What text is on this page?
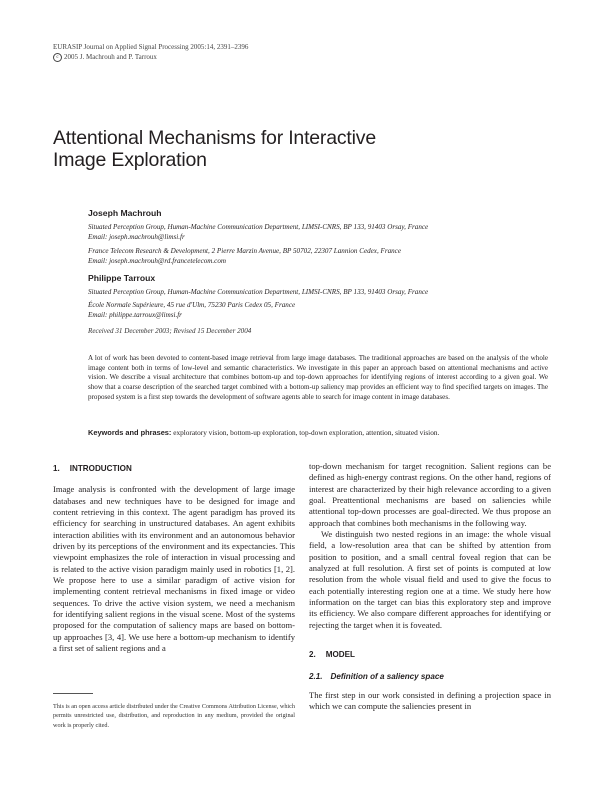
EURASIP Journal on Applied Signal Processing 2005:14, 2391–2396
c 2005 J. Machrouh and P. Tarroux
Attentional Mechanisms for Interactive
Image Exploration
Joseph Machrouh
Situated Perception Group, Human-Machine Communication Department, LIMSI-CNRS, BP 133, 91403 Orsay, France
Email: joseph.machrouh@limsi.fr
France Telecom Research & Development, 2 Pierre Marzin Avenue, BP 50702, 22307 Lannion Cedex, France
Email: joseph.machrouh@rd.francetelecom.com
Philippe Tarroux
Situated Perception Group, Human-Machine Communication Department, LIMSI-CNRS, BP 133, 91403 Orsay, France
École Normale Supérieure, 45 rue d'Ulm, 75230 Paris Cedex 05, France
Email: philippe.tarroux@limsi.fr
Received 31 December 2003; Revised 15 December 2004
A lot of work has been devoted to content-based image retrieval from large image databases. The traditional approaches are based on the analysis of the whole image content both in terms of low-level and semantic characteristics. We investigate in this paper an approach based on attentional mechanisms and active vision. We describe a visual architecture that combines bottom-up and top-down approaches for identifying regions of interest according to a given goal. We show that a coarse description of the searched target combined with a bottom-up saliency map provides an efficient way to find specified targets on images. The proposed system is a first step towards the development of software agents able to search for image content in image databases.
Keywords and phrases: exploratory vision, bottom-up exploration, top-down exploration, attention, situated vision.
1. INTRODUCTION

Image analysis is confronted with the development of large image databases and new techniques have to be designed for image and content retrieving in this context. The agent paradigm has proved its efficiency for searching in unstructured databases. An agent exhibits interaction abilities with its environment and an autonomous behavior driven by its perceptions of the environment and its expectancies. This viewpoint emphasizes the role of interaction in visual processing and is related to the active vision paradigm mainly used in robotics [1, 2]. We propose here to use a similar paradigm of active vision for implementing content retrieval mechanisms in fixed image or video sequences. To drive the active vision system, we need a mechanism for identifying salient regions in the visual scene. Most of the systems proposed for the computation of saliency maps are based on bottom-up approaches [3, 4]. We use here a bottom-up mechanism to identify a first set of salient regions and a

This is an open access article distributed under the Creative Commons Attribution License, which permits unrestricted use, distribution, and reproduction in any medium, provided the original work is properly cited.

top-down mechanism for target recognition. Salient regions can be defined as high-energy contrast regions. On the other hand, regions of interest are characterized by their high relevance according to a given goal. Preattentional mechanisms are based on saliencies while attentional top-down processes are goal-directed. We thus propose an approach that combines both mechanisms in the following way.

We distinguish two nested regions in an image: the whole visual field, a low-resolution area that can be shifted by attention from position to position, and a small central foveal region that can be analyzed at full resolution. A first set of points is computed at low resolution from the whole visual field and used to give the focus to each potentially interesting region one at a time. We study here how information on the target can bias this exploratory step and improve its efficiency. We also compare different approaches for identifying or rejecting the target when it is foveated.

2. MODEL
2.1. Definition of a saliency space

The first step in our work consisted in defining a projection space in which we can compute the saliencies present in
